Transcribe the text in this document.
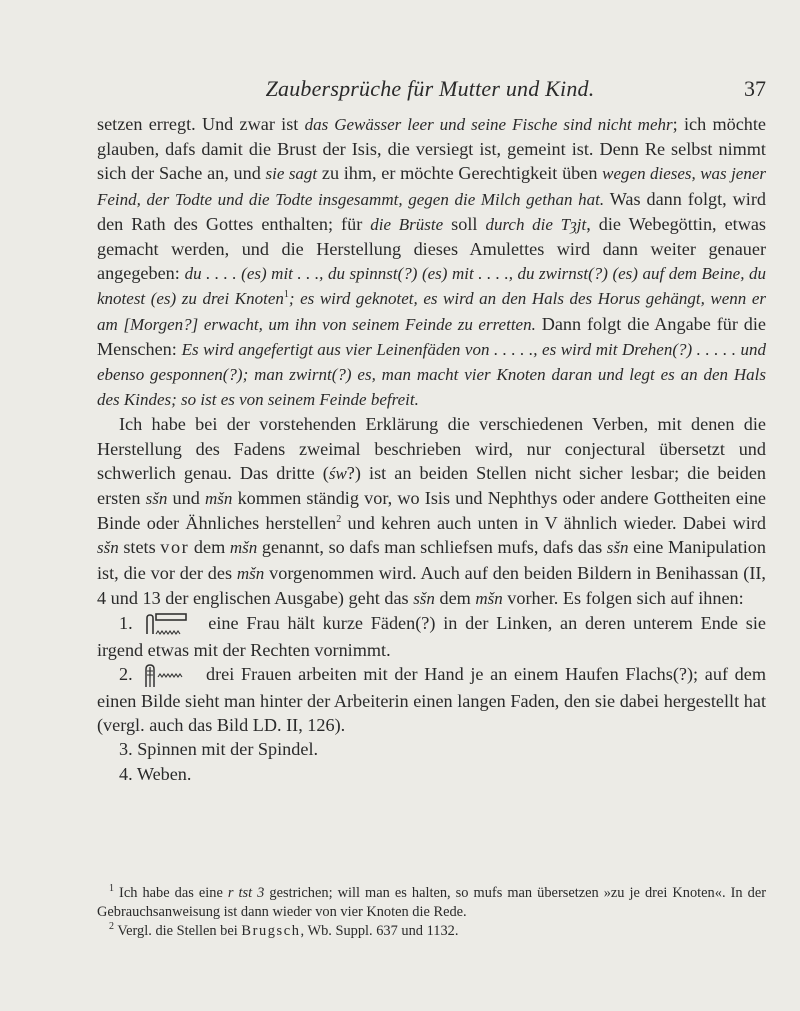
Zaubersprüche für Mutter und Kind.	37

setzen erregt. Und zwar ist das Gewässer leer und seine Fische sind nicht mehr; ich möchte glauben, dafs damit die Brust der Isis, die versiegt ist, gemeint ist. Denn Re selbst nimmt sich der Sache an, und sie sagt zu ihm, er möchte Gerechtigkeit üben wegen dieses, was jener Feind, der Todte und die Todte insgesammt, gegen die Milch gethan hat. Was dann folgt, wird den Rath des Gottes enthalten; für die Brüste soll durch die Tȝjt, die Webegöttin, etwas gemacht werden, und die Herstellung dieses Amulettes wird dann weiter genauer angegeben: du . . . . (es) mit . . ., du spinnst(?) (es) mit . . . ., du zwirnst(?) (es) auf dem Beine, du knotest (es) zu drei Knoten$^1$; es wird geknotet, es wird an den Hals des Horus gehängt, wenn er am [Morgen?] erwacht, um ihn von seinem Feinde zu erretten. Dann folgt die Angabe für die Menschen: Es wird angefertigt aus vier Leinenfäden von . . . . ., es wird mit Drehen(?) . . . . . und ebenso gesponnen(?); man zwirnt(?) es, man macht vier Knoten daran und legt es an den Hals des Kindes; so ist es von seinem Feinde befreit.

Ich habe bei der vorstehenden Erklärung die verschiedenen Verben, mit denen die Herstellung des Fadens zweimal beschrieben wird, nur conjectural übersetzt und schwerlich genau. Das dritte (św?) ist an beiden Stellen nicht sicher lesbar; die beiden ersten sšn und mšn kommen ständig vor, wo Isis und Nephthys oder andere Gottheiten eine Binde oder Ähnliches herstellen$^2$ und kehren auch unten in V ähnlich wieder. Dabei wird sšn stets vor dem mšn genannt, so dafs man schliefsen mufs, dafs das sšn eine Manipulation ist, die vor der des mšn vorgenommen wird. Auch auf den beiden Bildern in Benihassan (II, 4 und 13 der englischen Ausgabe) geht das sšn dem mšn vorher. Es folgen sich auf ihnen:

1.	eine Frau hält kurze Fäden(?) in der Linken, an deren unterem Ende sie irgend etwas mit der Rechten vornimmt.

2.	drei Frauen arbeiten mit der Hand je an einem Haufen Flachs(?); auf dem einen Bilde sieht man hinter der Arbeiterin einen langen Faden, den sie dabei hergestellt hat (vergl. auch das Bild LD. II, 126).

3. Spinnen mit der Spindel.

4. Weben.

$^1$ Ich habe das eine r tst 3 gestrichen; will man es halten, so mufs man übersetzen »zu je drei Knoten«. In der Gebrauchsanweisung ist dann wieder von vier Knoten die Rede.

$^2$ Vergl. die Stellen bei Brugsch, Wb. Suppl. 637 und 1132.
